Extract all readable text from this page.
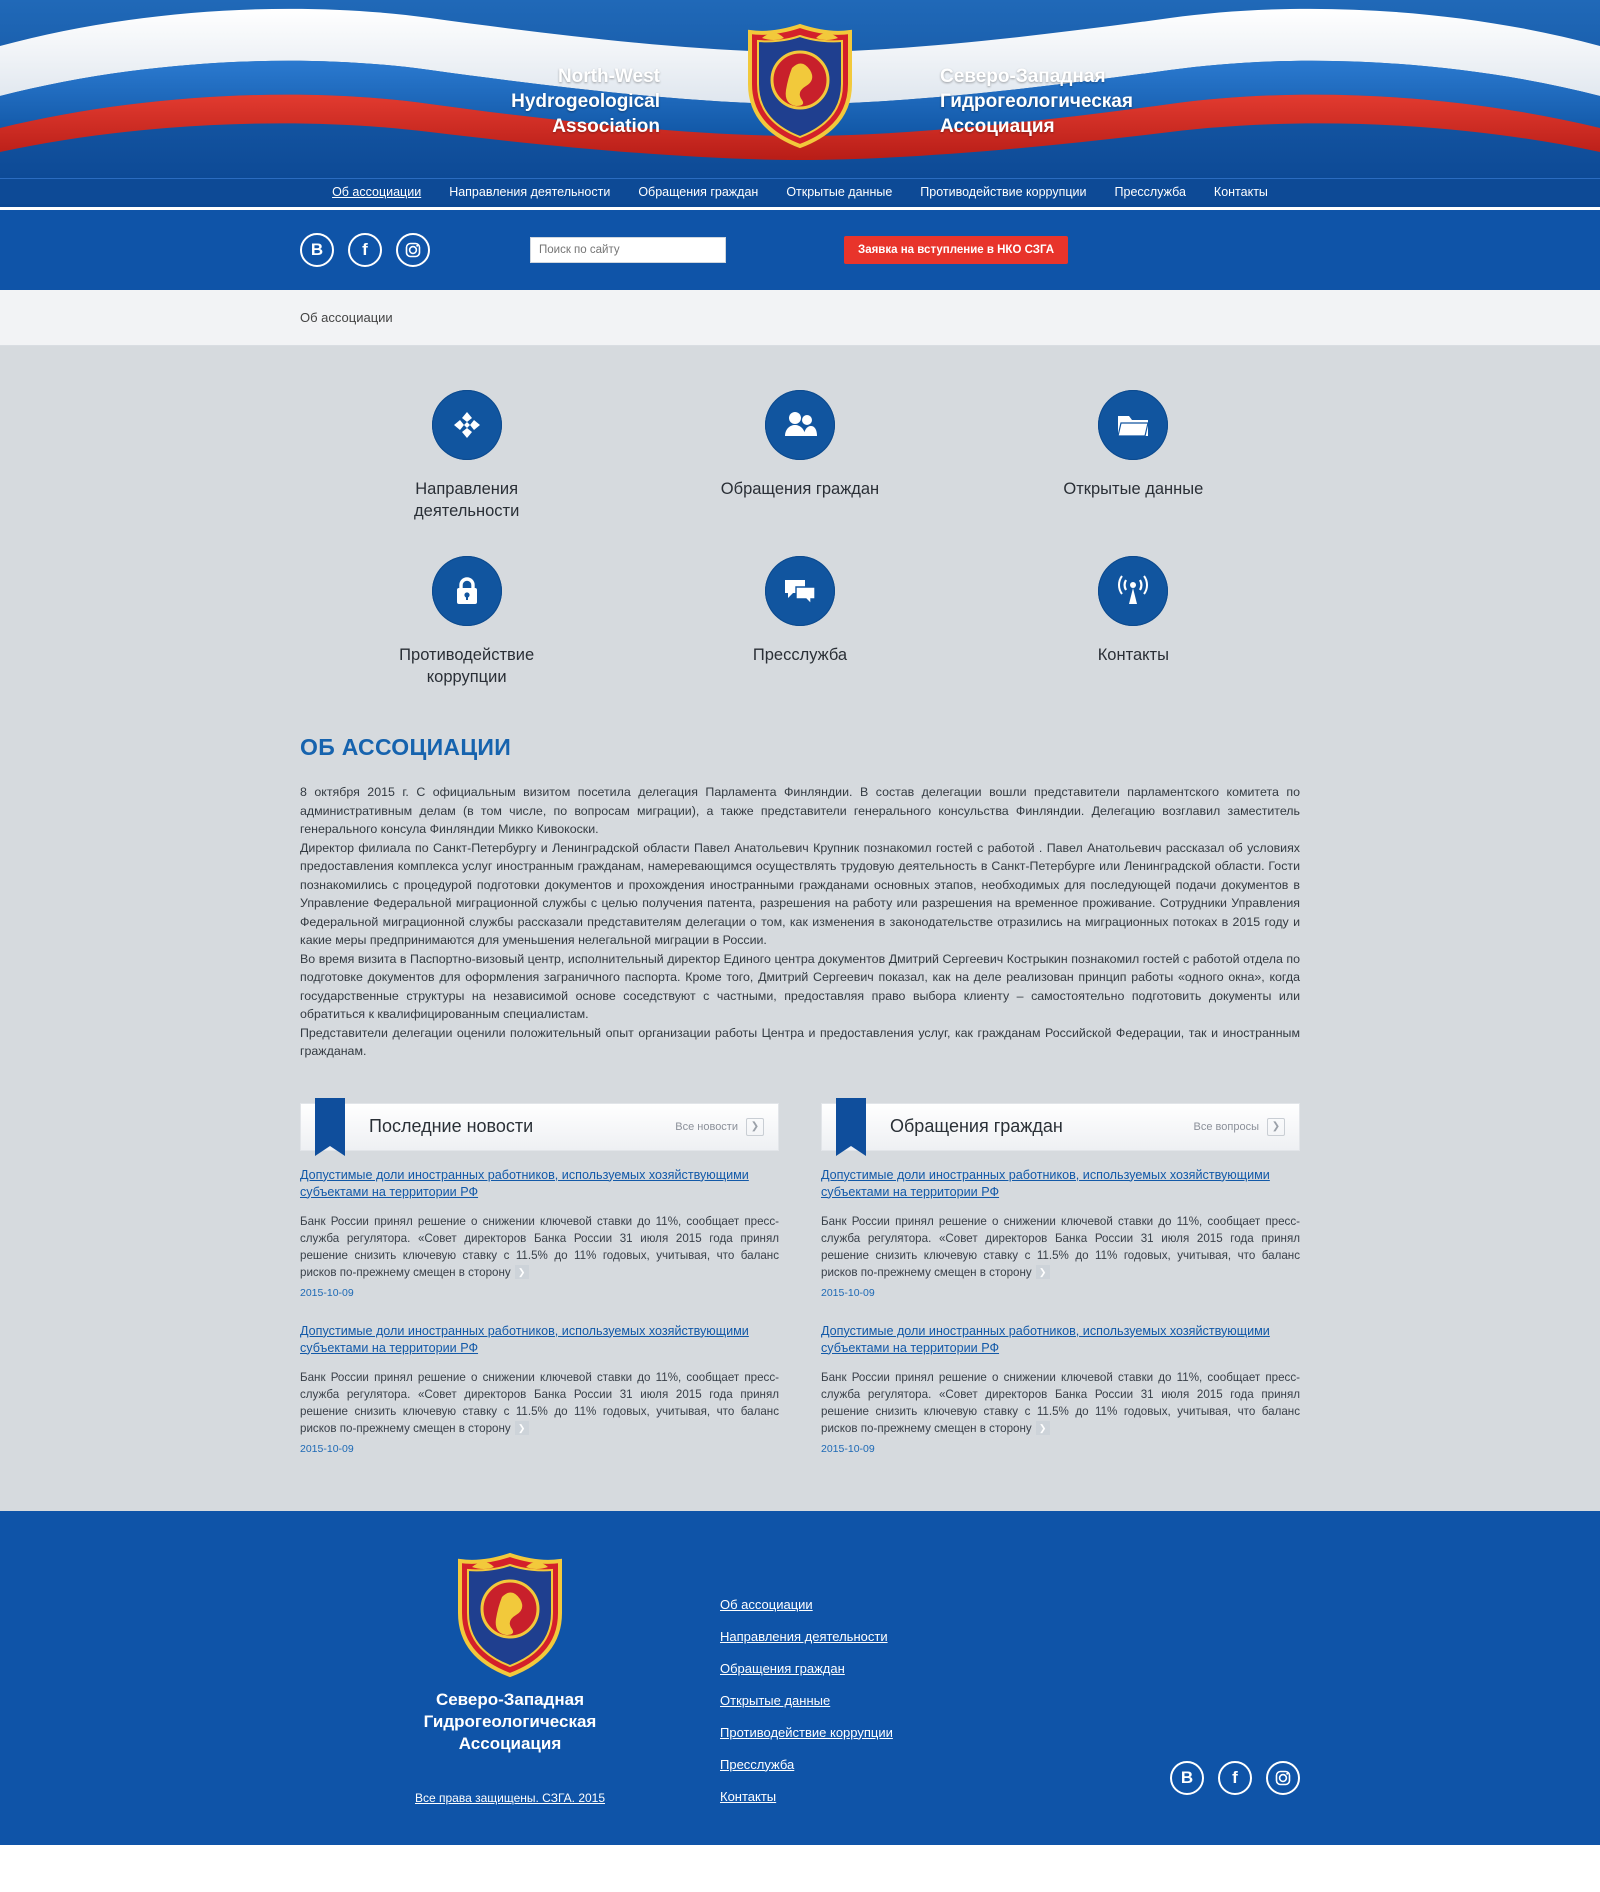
North-West
Hydrogeological
Association
Северо-Западная
Гидрогеологическая
Ассоциация
Об ассоциации Направления деятельности Обращения граждан Открытые данные Противодействие коррупции Пресслужба Контакты
В	f
Поиск по сайту	Заявка на вступление в НКО СЗГА
Об ассоциации
Направления
деятельности
Обращения граждан	Открытые данные
Противодействие
коррупции
Пресслужба	Контакты
ОБ АССОЦИАЦИИ

8 октября 2015 г. С официальным визитом посетила делегация Парламента Финляндии. В состав делегации вошли представители парламентского комитета по административным делам (в том числе, по вопросам миграции), а также представители генерального консульства Финляндии. Делегацию возглавил заместитель генерального консула Финляндии Микко Кивокоски.

Директор филиала по Санкт-Петербургу и Ленинградской области Павел Анатольевич Крупник познакомил гостей с работой . Павел Анатольевич рассказал об условиях предоставления комплекса услуг иностранным гражданам, намеревающимся осуществлять трудовую деятельность в Санкт-Петербурге или Ленинградской области. Гости познакомились с процедурой подготовки документов и прохождения иностранными гражданами основных этапов, необходимых для последующей подачи документов в Управление Федеральной миграционной службы с целью получения патента, разрешения на работу или разрешения на временное проживание. Сотрудники Управления Федеральной миграционной службы рассказали представителям делегации о том, как изменения в законодательстве отразились на миграционных потоках в 2015 году и какие меры предпринимаются для уменьшения нелегальной миграции в России.

Во время визита в Паспортно-визовый центр, исполнительный директор Единого центра документов Дмитрий Сергеевич Кострыкин познакомил гостей с работой отдела по подготовке документов для оформления заграничного паспорта. Кроме того, Дмитрий Сергеевич показал, как на деле реализован принцип работы «одного окна», когда государственные структуры на независимой основе соседствуют с частными, предоставляя право выбора клиенту – самостоятельно подготовить документы или обратиться к квалифицированным специалистам.

Представители делегации оценили положительный опыт организации работы Центра и предоставления услуг, как гражданам Российской Федерации, так и иностранным гражданам.

Последние новости	Все новости	❯
Допустимые доли иностранных работников, используемых хозяйствующими субъектами на территории РФ
Банк России принял решение о снижении ключевой ставки до 11%, сообщает пресс-служба регулятора. «Совет директоров Банка России 31 июля 2015 года принял решение снизить ключевую ставку с 11.5% до 11% годовых, учитывая, что баланс рисков по-прежнему смещен в сторону ❯
2015-10-09
Допустимые доли иностранных работников, используемых хозяйствующими субъектами на территории РФ
Банк России принял решение о снижении ключевой ставки до 11%, сообщает пресс-служба регулятора. «Совет директоров Банка России 31 июля 2015 года принял решение снизить ключевую ставку с 11.5% до 11% годовых, учитывая, что баланс рисков по-прежнему смещен в сторону ❯
2015-10-09
Обращения граждан	Все вопросы	❯
Допустимые доли иностранных работников, используемых хозяйствующими субъектами на территории РФ
Банк России принял решение о снижении ключевой ставки до 11%, сообщает пресс-служба регулятора. «Совет директоров Банка России 31 июля 2015 года принял решение снизить ключевую ставку с 11.5% до 11% годовых, учитывая, что баланс рисков по-прежнему смещен в сторону ❯
2015-10-09
Допустимые доли иностранных работников, используемых хозяйствующими субъектами на территории РФ
Банк России принял решение о снижении ключевой ставки до 11%, сообщает пресс-служба регулятора. «Совет директоров Банка России 31 июля 2015 года принял решение снизить ключевую ставку с 11.5% до 11% годовых, учитывая, что баланс рисков по-прежнему смещен в сторону ❯
2015-10-09
Северо-Западная
Гидрогеологическая
Ассоциация
Все права защищены. СЗГА. 2015
Об ассоциации
Направления деятельности
Обращения граждан
Открытые данные
Противодействие коррупции
Пресслужба
Контакты
В	f
